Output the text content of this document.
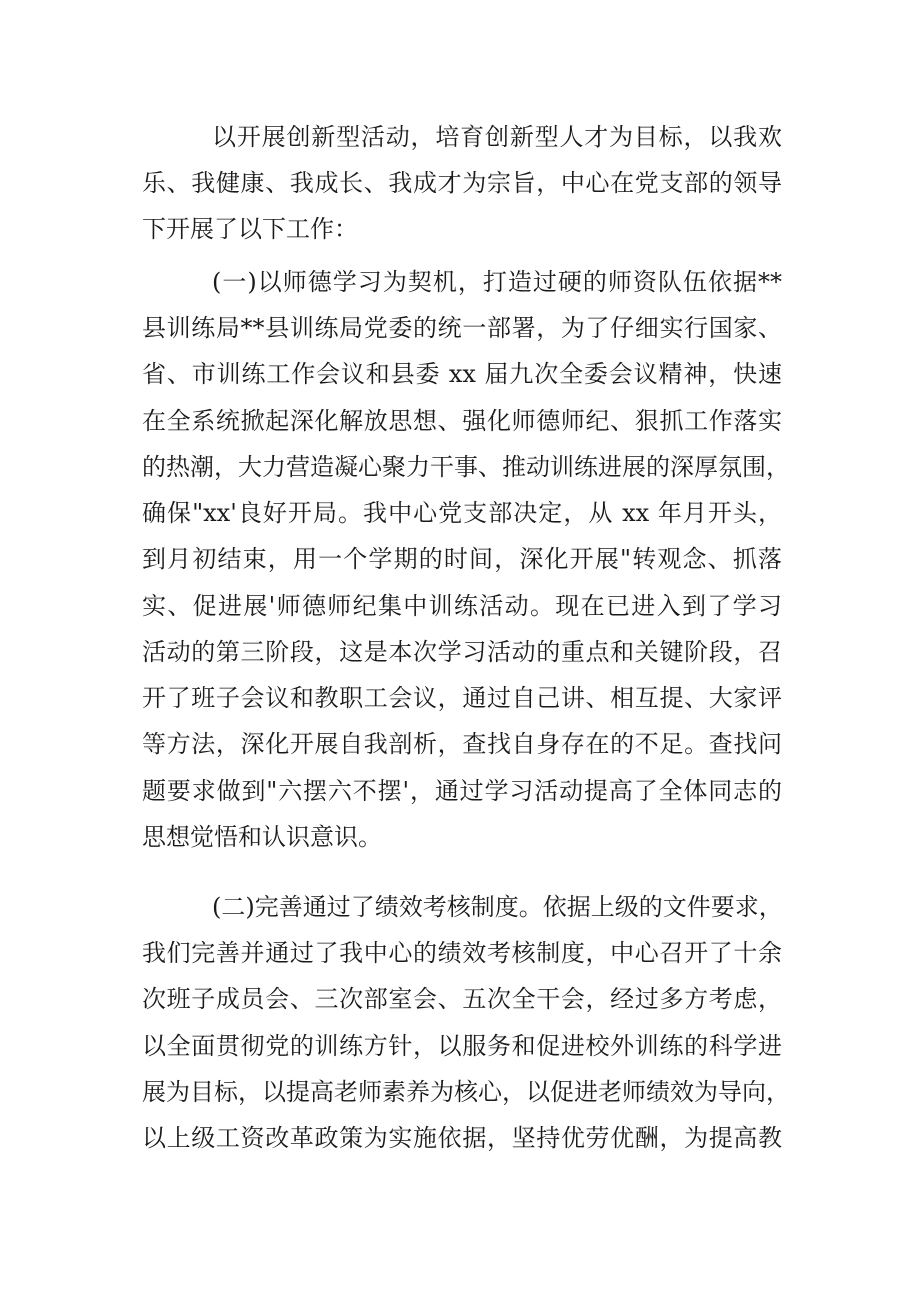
以开展创新型活动，培育创新型人才为目标，以我欢
乐、我健康、我成长、我成才为宗旨，中心在党支部的领导
下开展了以下工作：
(一)以师德学习为契机，打造过硬的师资队伍依据**
县训练局**县训练局党委的统一部署，为了仔细实行国家、
省、市训练工作会议和县委 xx 届九次全委会议精神，快速
在全系统掀起深化解放思想、强化师德师纪、狠抓工作落实
的热潮，大力营造凝心聚力干事、推动训练进展的深厚氛围，
确保"xx'良好开局。我中心党支部决定，从 xx 年月开头，
到月初结束，用一个学期的时间，深化开展"转观念、抓落
实、促进展'师德师纪集中训练活动。现在已进入到了学习
活动的第三阶段，这是本次学习活动的重点和关键阶段，召
开了班子会议和教职工会议，通过自己讲、相互提、大家评
等方法，深化开展自我剖析，查找自身存在的不足。查找问
题要求做到"六摆六不摆'，通过学习活动提高了全体同志的
思想觉悟和认识意识。
(二)完善通过了绩效考核制度。依据上级的文件要求，
我们完善并通过了我中心的绩效考核制度，中心召开了十余
次班子成员会、三次部室会、五次全干会，经过多方考虑，
以全面贯彻党的训练方针，以服务和促进校外训练的科学进
展为目标，以提高老师素养为核心，以促进老师绩效为导向，
以上级工资改革政策为实施依据，坚持优劳优酬，为提高教
